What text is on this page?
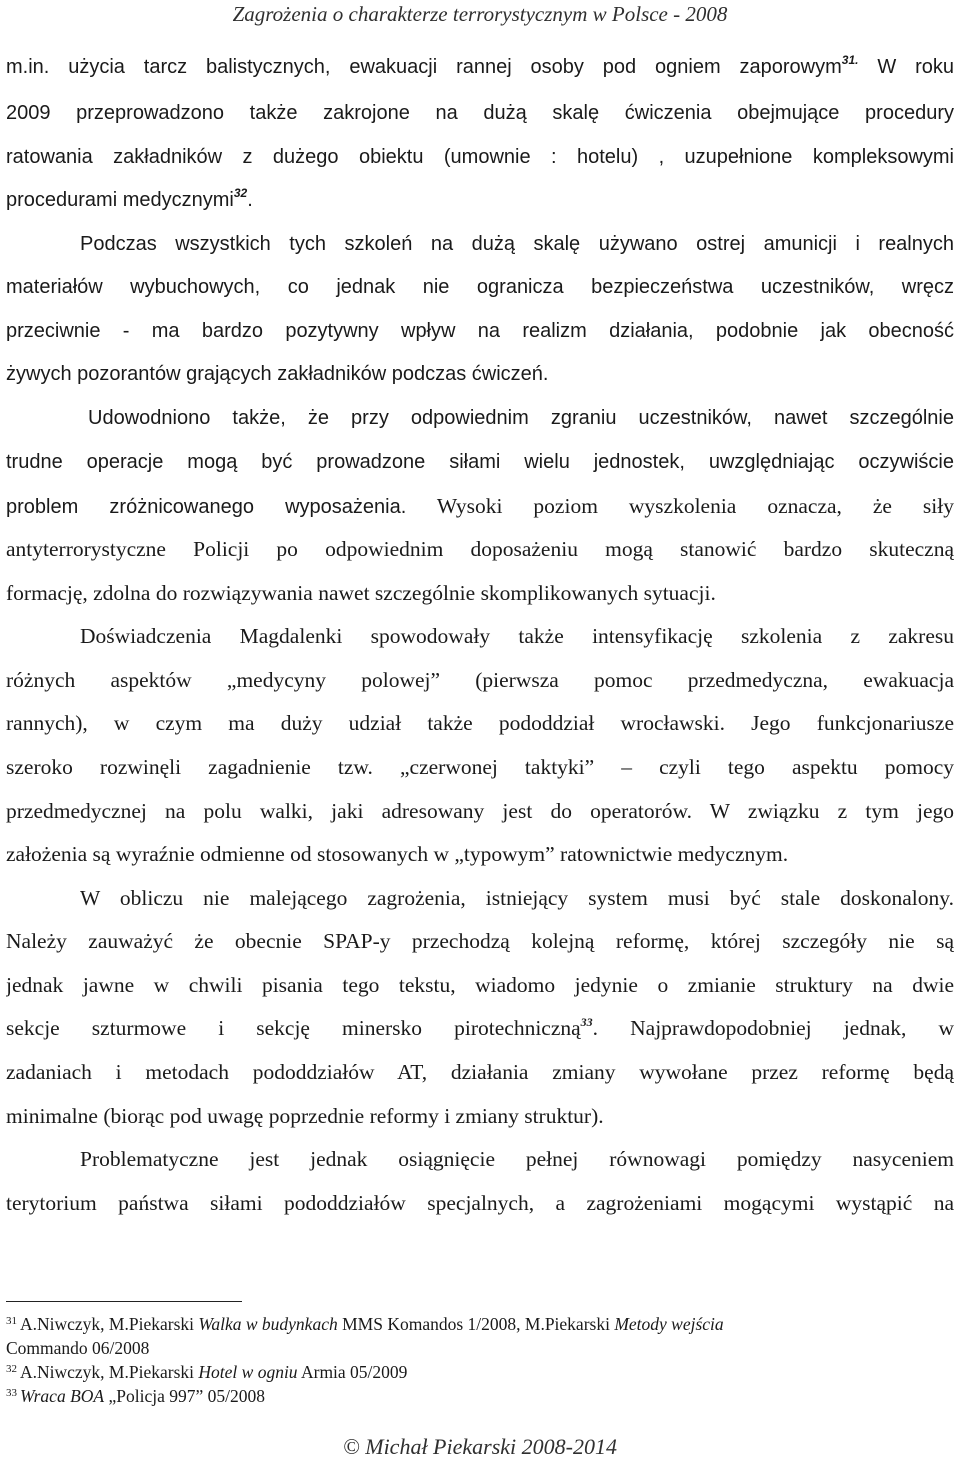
Zagrożenia o charakterze terrorystycznym w Polsce - 2008
m.in. użycia tarcz balistycznych, ewakuacji rannej osoby pod ogniem zaporowym$^{31.}$ W roku
2009 przeprowadzono także zakrojone na dużą skalę ćwiczenia obejmujące procedury
ratowania zakładników z dużego obiektu (umownie : hotelu) , uzupełnione kompleksowymi
procedurami medycznymi$^{32}$.
Podczas wszystkich tych szkoleń na dużą skalę używano ostrej amunicji i realnych
materiałów wybuchowych, co jednak nie ogranicza bezpieczeństwa uczestników, wręcz
przeciwnie - ma bardzo pozytywny wpływ na realizm działania, podobnie jak obecność
żywych pozorantów grających zakładników podczas ćwiczeń.
Udowodniono także, że przy odpowiednim zgraniu uczestników, nawet szczególnie
trudne operacje mogą być prowadzone siłami wielu jednostek, uwzględniając oczywiście
problem zróżnicowanego wyposażenia. Wysoki poziom wyszkolenia oznacza, że siły
antyterrorystyczne Policji po odpowiednim doposażeniu mogą stanowić bardzo skuteczną
formację, zdolna do rozwiązywania nawet szczególnie skomplikowanych sytuacji.
Doświadczenia Magdalenki spowodowały także intensyfikację szkolenia z zakresu
różnych aspektów „medycyny polowej” (pierwsza pomoc przedmedyczna, ewakuacja
rannych), w czym ma duży udział także pododdział wrocławski. Jego funkcjonariusze
szeroko rozwinęli zagadnienie tzw. „czerwonej taktyki” – czyli tego aspektu pomocy
przedmedycznej na polu walki, jaki adresowany jest do operatorów. W związku z tym jego
założenia są wyraźnie odmienne od stosowanych w „typowym” ratownictwie medycznym.
W obliczu nie malejącego zagrożenia, istniejący system musi być stale doskonalony.
Należy zauważyć że obecnie SPAP-y przechodzą kolejną reformę, której szczegóły nie są
jednak jawne w chwili pisania tego tekstu, wiadomo jedynie o zmianie struktury na dwie
sekcje szturmowe i sekcję minersko pirotechniczną$^{33}$. Najprawdopodobniej jednak, w
zadaniach i metodach pododdziałów AT, działania zmiany wywołane przez reformę będą
minimalne (biorąc pod uwagę poprzednie reformy i zmiany struktur).
Problematyczne jest jednak osiągnięcie pełnej równowagi pomiędzy nasyceniem
terytorium państwa siłami pododdziałów specjalnych, a zagrożeniami mogącymi wystąpić na
$^{31}$ A.Niwczyk, M.Piekarski Walka w budynkach MMS Komandos 1/2008, M.Piekarski Metody wejścia
Commando 06/2008
$^{32}$ A.Niwczyk, M.Piekarski Hotel w ogniu Armia 05/2009
$^{33}$ Wraca BOA „Policja 997” 05/2008
© Michał Piekarski 2008-2014
